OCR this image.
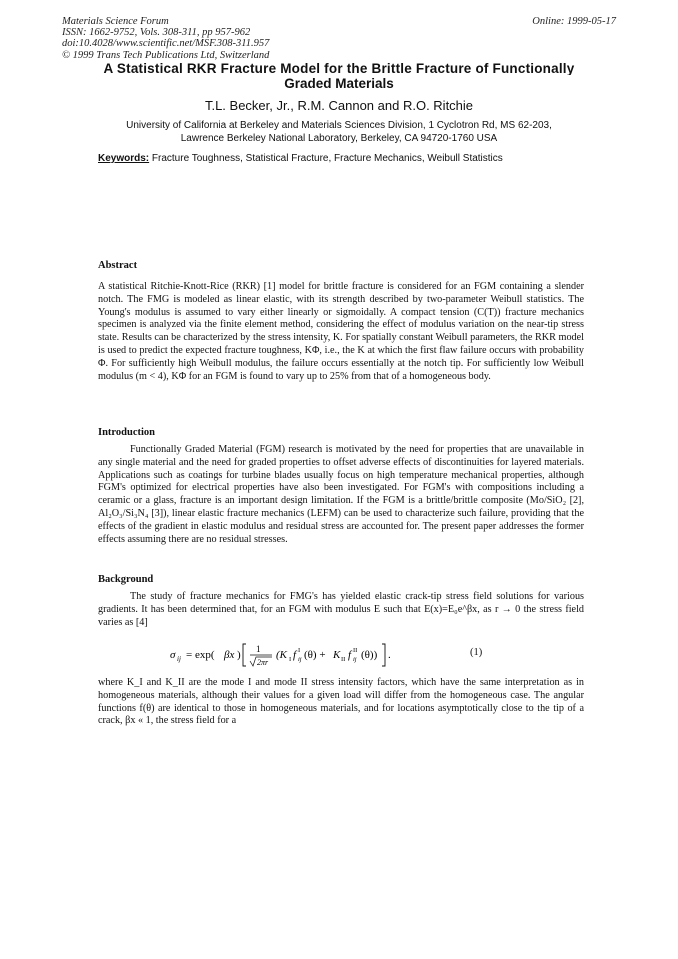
Materials Science Forum
ISSN: 1662-9752, Vols. 308-311, pp 957-962
doi:10.4028/www.scientific.net/MSF.308-311.957
© 1999 Trans Tech Publications Ltd, Switzerland
Online: 1999-05-17
A Statistical RKR Fracture Model for the Brittle Fracture of Functionally
Graded Materials
T.L. Becker, Jr., R.M. Cannon and R.O. Ritchie
University of California at Berkeley and Materials Sciences Division, 1 Cyclotron Rd, MS 62-203,
Lawrence Berkeley National Laboratory, Berkeley, CA 94720-1760 USA
Keywords: Fracture Toughness, Statistical Fracture, Fracture Mechanics, Weibull Statistics
Abstract
A statistical Ritchie-Knott-Rice (RKR) [1] model for brittle fracture is considered for an FGM containing a slender notch. The FMG is modeled as linear elastic, with its strength described by two-parameter Weibull statistics. The Young's modulus is assumed to vary either linearly or sigmoidally. A compact tension (C(T)) fracture mechanics specimen is analyzed via the finite element method, considering the effect of modulus variation on the near-tip stress state. Results can be characterized by the stress intensity, K. For spatially constant Weibull parameters, the RKR model is used to predict the expected fracture toughness, KΦ, i.e., the K at which the first flaw failure occurs with probability Φ. For sufficiently high Weibull modulus, the failure occurs essentially at the notch tip. For sufficiently low Weibull modulus (m < 4), KΦ for an FGM is found to vary up to 25% from that of a homogeneous body.
Introduction
Functionally Graded Material (FGM) research is motivated by the need for properties that are unavailable in any single material and the need for graded properties to offset adverse effects of discontinuities for layered materials. Applications such as coatings for turbine blades usually focus on high temperature mechanical properties, although FGM's optimized for electrical properties have also been investigated. For FGM's with compositions including a ceramic or a glass, fracture is an important design limitation. If the FGM is a brittle/brittle composite (Mo/SiO₂ [2], Al₂O₃/Si₃N₄ [3]), linear elastic fracture mechanics (LEFM) can be used to characterize such failure, providing that the effects of the gradient in elastic modulus and residual stress are accounted for. The present paper addresses the former effects assuming there are no residual stresses.
Background
The study of fracture mechanics for FMG's has yielded elastic crack-tip stress field solutions for various gradients. It has been determined that, for an FGM with modulus E such that E(x)=E₀e^βx, as r → 0 the stress field varies as [4]
σ ij = exp( βx ) 1
2πr
(K I f ij
I (θ) + K II f ij
II (θ)) .	(1)
where K_I and K_II are the mode I and mode II stress intensity factors, which have the same interpretation as in homogeneous materials, although their values for a given load will differ from the homogeneous case. The angular functions f(θ) are identical to those in homogeneous materials, and for locations asymptotically close to the tip of a crack, βx « 1, the stress field for a
